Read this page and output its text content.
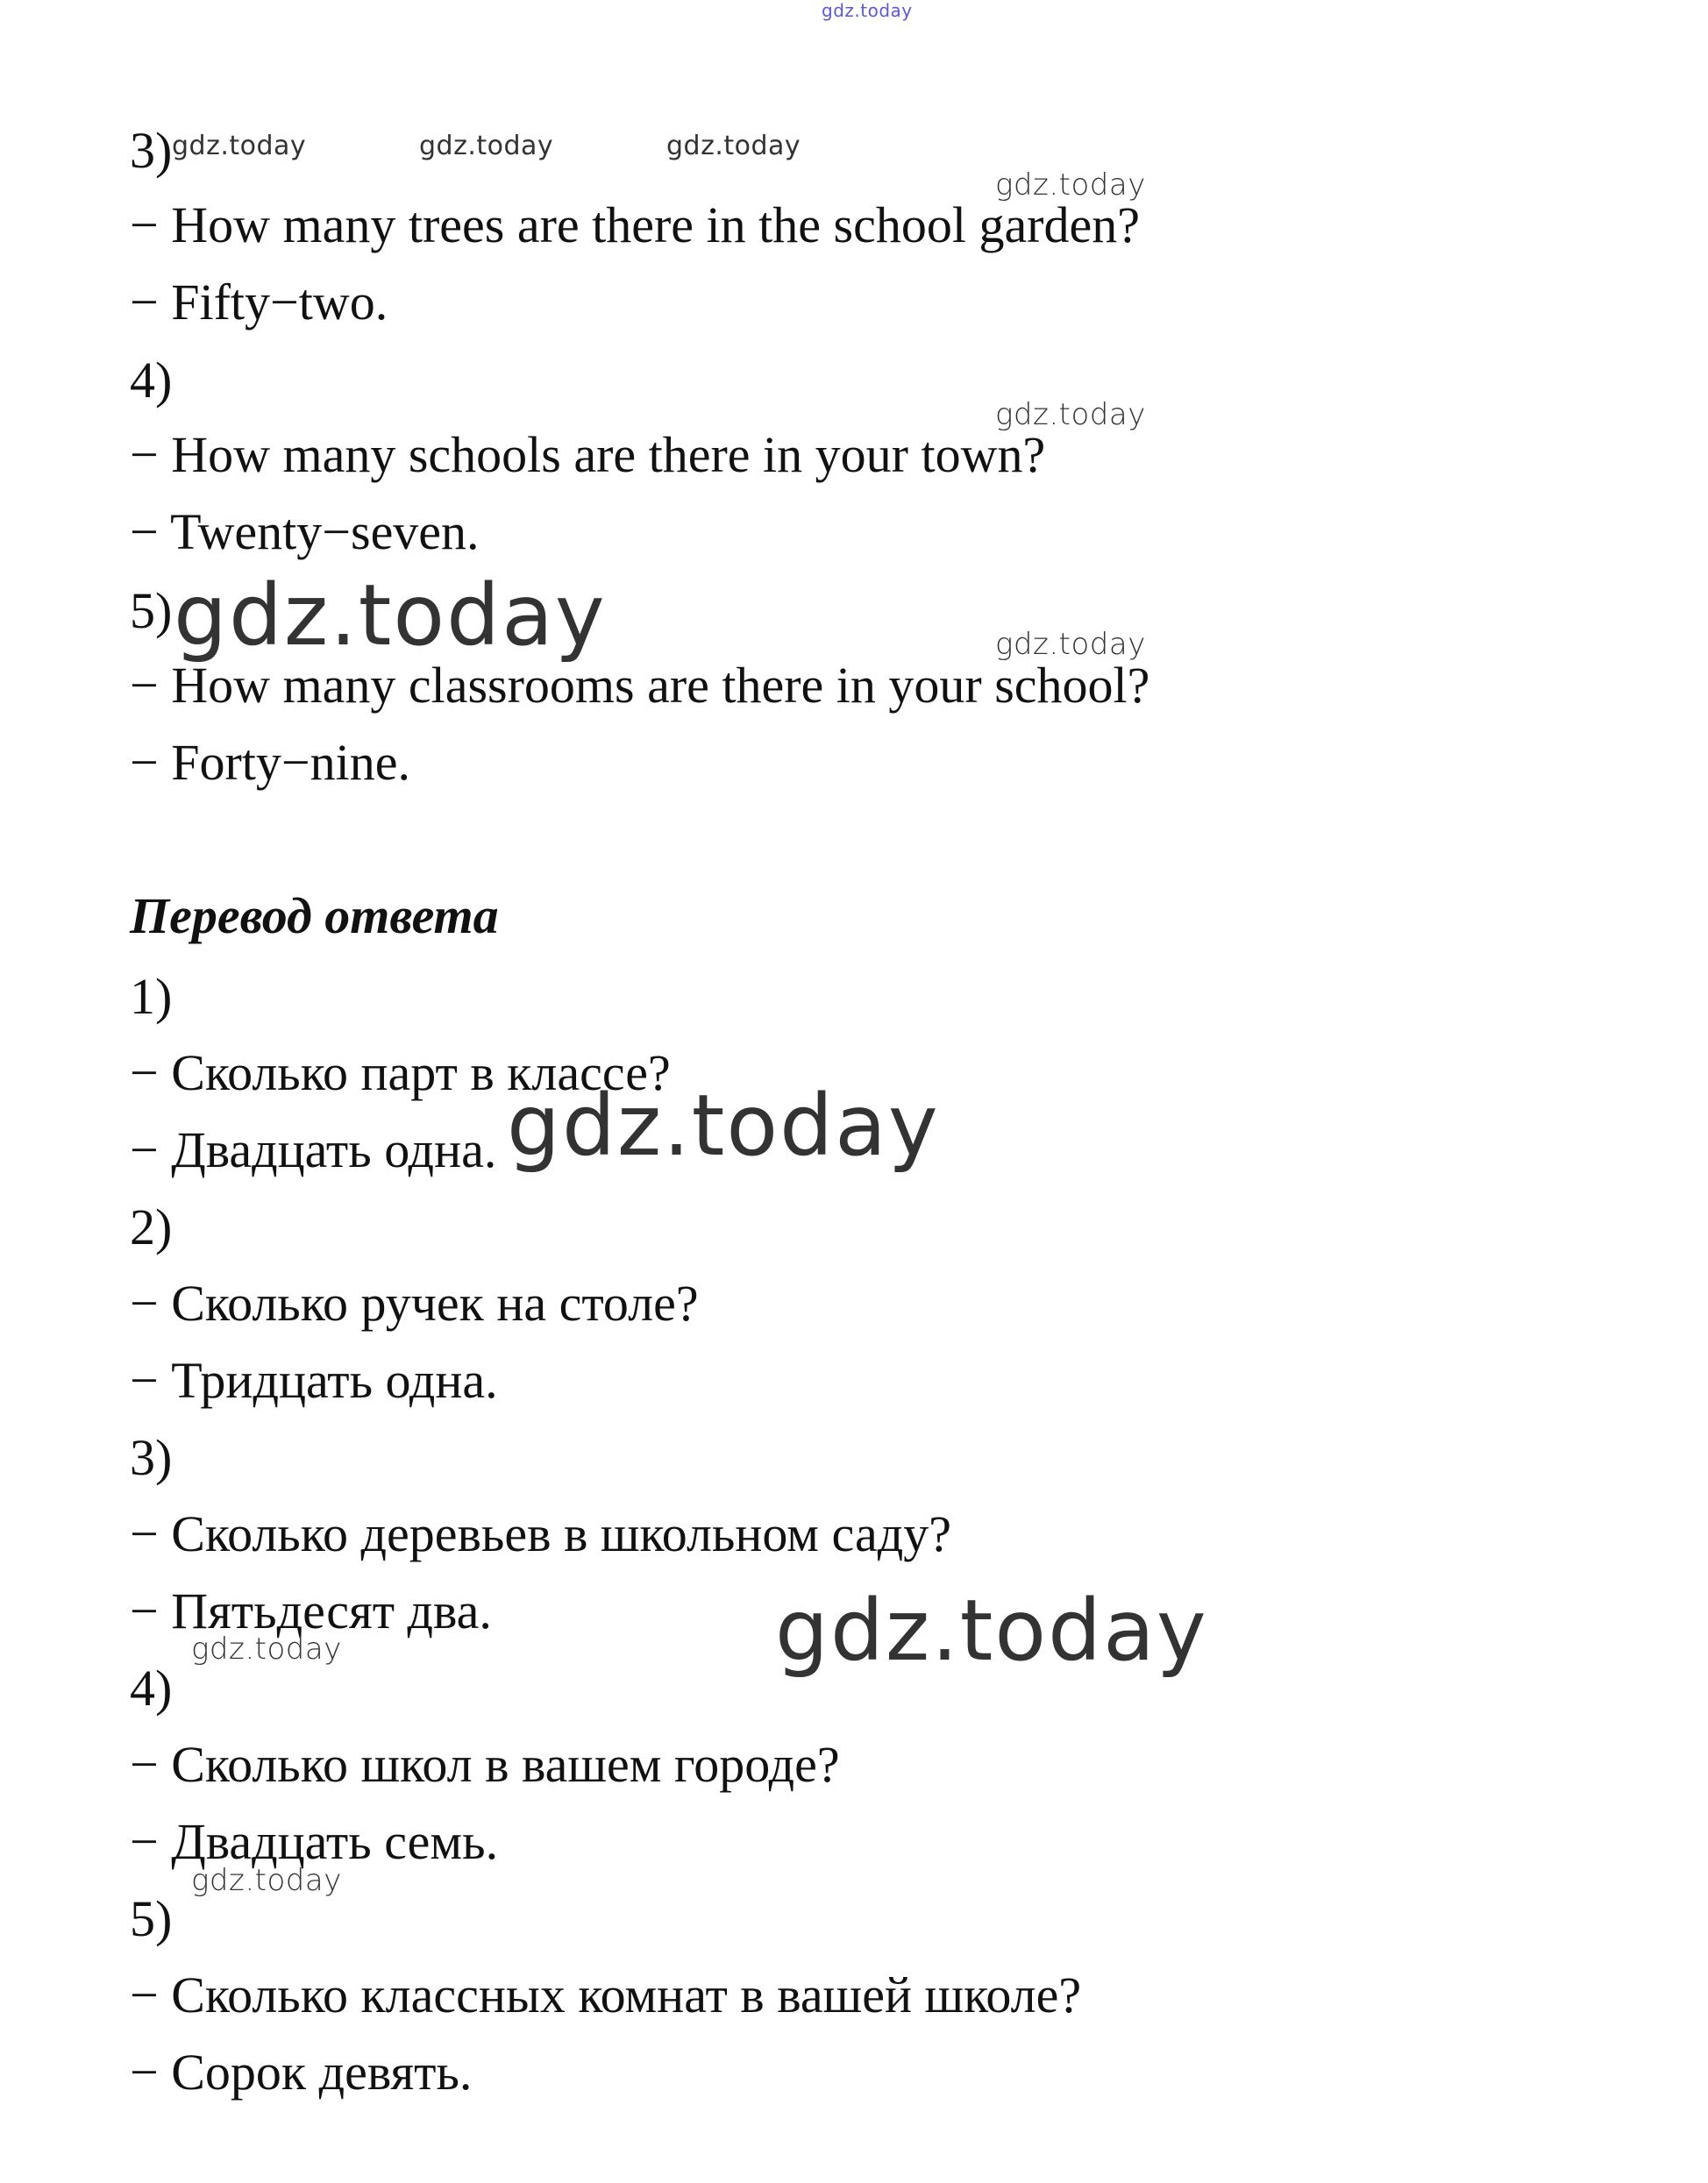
gdz.today
3)
− How many trees are there in the school garden?
− Fifty−two.
4)
− How many schools are there in your town?
− Twenty−seven.
5)
− How many classrooms are there in your school?
− Forty−nine.
Перевод ответа
1)
− Сколько парт в классе?
− Двадцать одна.
2)
− Сколько ручек на столе?
− Тридцать одна.
3)
− Сколько деревьев в школьном саду?
− Пятьдесят два.
4)
− Сколько школ в вашем городе?
− Двадцать семь.
5)
− Сколько классных комнат в вашей школе?
− Сорок девять.
gdz.today	gdz.today	gdz.today
gdz.today
gdz.today
gdz.today
gdz.today
gdz.today
gdz.today
gdz.today
gdz.today
